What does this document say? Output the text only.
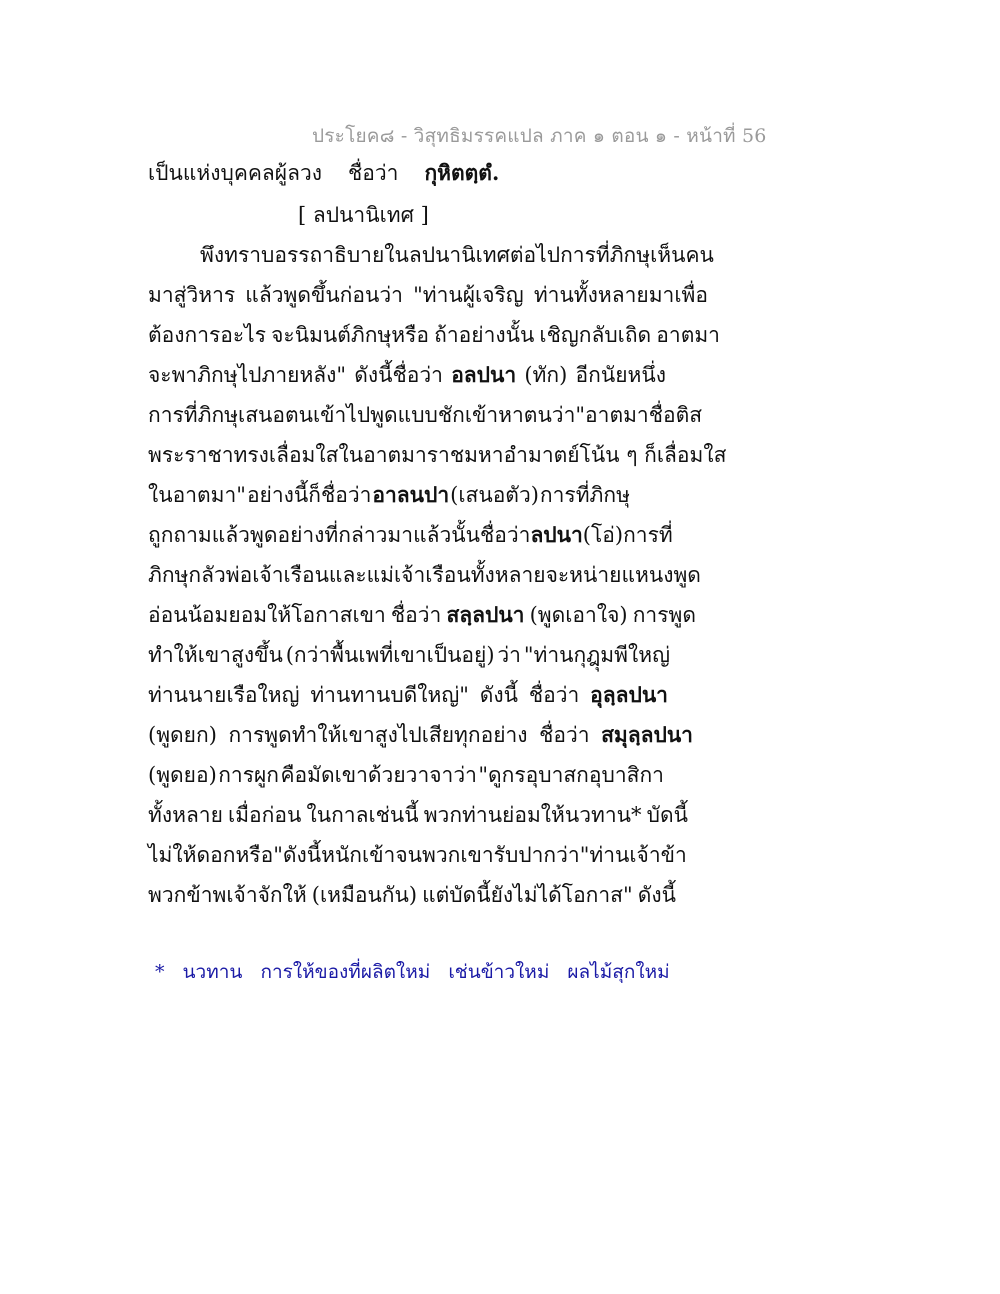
ประโยค๘ - วิสุทธิมรรคแปล ภาค ๑ ตอน ๑ - หน้าที่ 56
เป็นแห่งบุคคลผู้ลวง ชื่อว่า กุหิตตฺตํ.
[ ลปนานิเทศ ]
พึงทราบอรรถาธิบายในลปนานิเทศต่อไป การที่ภิกษุเห็นคน
มาสู่วิหาร แล้วพูดขึ้นก่อนว่า "ท่านผู้เจริญ ท่านทั้งหลายมาเพื่อ
ต้องการอะไร จะนิมนต์ภิกษุหรือ ถ้าอย่างนั้น เชิญกลับเถิด อาตมา
จะพาภิกษุไปภายหลัง" ดังนี้ชื่อว่า อลปนา (ทัก) อีกนัยหนึ่ง
การที่ภิกษุเสนอตนเข้าไป พูดแบบชักเข้าหาตนว่า "อาตมาชื่อติส
พระราชาทรงเลื่อมใสในอาตมา ราชมหาอำมาตย์โน้น ๆ ก็เลื่อมใส
ในอาตมา" อย่างนี้ก็ชื่อว่า อาลนปา (เสนอตัว) การที่ภิกษุ
ถูกถามแล้วพูดอย่างที่กล่าวมาแล้วนั้น ชื่อว่า ลปนา (โอ่) การที่
ภิกษุกลัวพ่อเจ้าเรือนและแม่เจ้าเรือนทั้งหลายจะหน่ายแหนง พูด
อ่อนน้อมยอมให้โอกาสเขา ชื่อว่า สลฺลปนา (พูดเอาใจ) การพูด
ทำให้เขาสูงขึ้น (กว่าพื้นเพที่เขาเป็นอยู่) ว่า "ท่านกุฎุมพีใหญ่
ท่านนายเรือใหญ่ ท่านทานบดีใหญ่" ดังนี้ ชื่อว่า อุลฺลปนา
(พูดยก) การพูดทำให้เขาสูงไปเสียทุกอย่าง ชื่อว่า สมุลฺลปนา
(พูดยอ) การผูก คือมัดเขาด้วยวาจาว่า "ดูกรอุบาสกอุบาสิกา
ทั้งหลาย เมื่อก่อน ในกาลเช่นนี้ พวกท่านย่อมให้นวทาน* บัดนี้
ไม่ให้ดอกหรือ" ดังนี้ หนักเข้าจนพวกเขารับปากว่า "ท่านเจ้าข้า
พวกข้าพเจ้าจักให้ (เหมือนกัน) แต่บัดนี้ยังไม่ได้โอกาส" ดังนี้
* นวทาน การให้ของที่ผลิตใหม่ เช่นข้าวใหม่ ผลไม้สุกใหม่
